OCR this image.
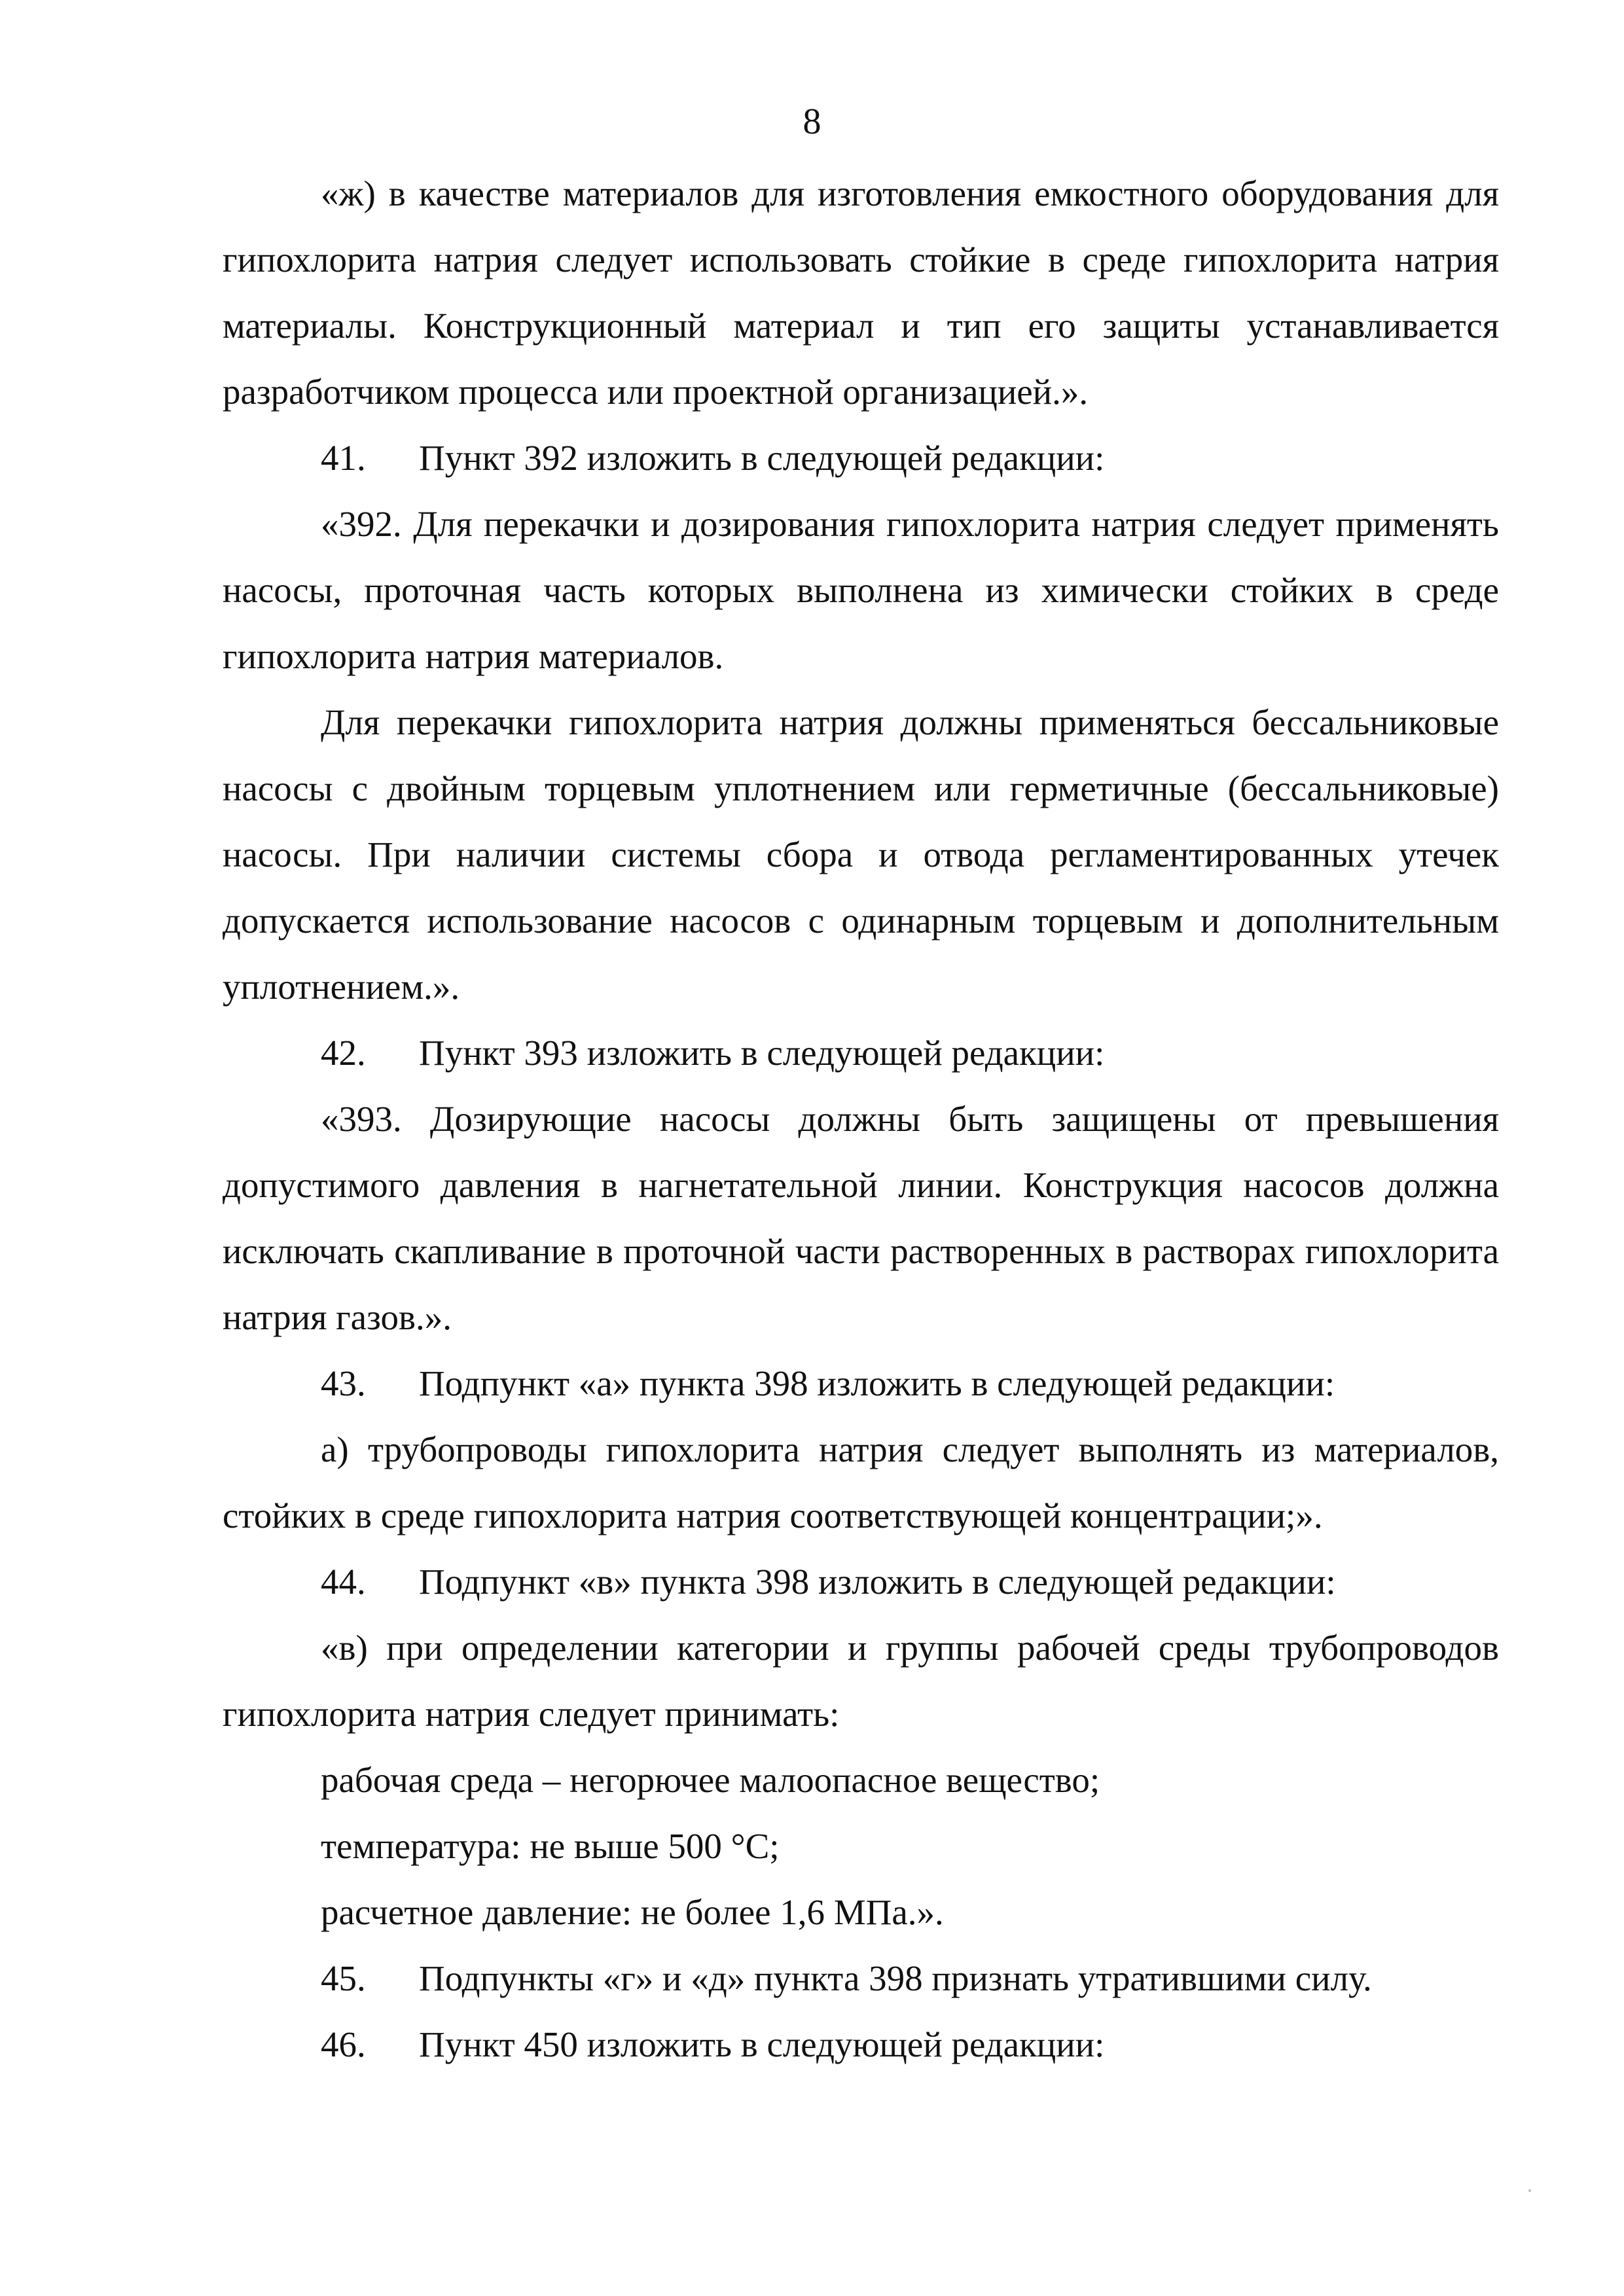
8

«ж) в качестве материалов для изготовления емкостного оборудования для гипохлорита натрия следует использовать стойкие в среде гипохлорита натрия материалы. Конструкционный материал и тип его защиты устанавливается разработчиком процесса или проектной организацией.».

41. Пункт 392 изложить в следующей редакции:

«392. Для перекачки и дозирования гипохлорита натрия следует применять насосы, проточная часть которых выполнена из химически стойких в среде гипохлорита натрия материалов.

Для перекачки гипохлорита натрия должны применяться бессальниковые насосы с двойным торцевым уплотнением или герметичные (бессальниковые) насосы. При наличии системы сбора и отвода регламентированных утечек допускается использование насосов с одинарным торцевым и дополнительным уплотнением.».

42. Пункт 393 изложить в следующей редакции:

«393. Дозирующие насосы должны быть защищены от превышения допустимого давления в нагнетательной линии. Конструкция насосов должна исключать скапливание в проточной части растворенных в растворах гипохлорита натрия газов.».

43. Подпункт «а» пункта 398 изложить в следующей редакции:

а) трубопроводы гипохлорита натрия следует выполнять из материалов, стойких в среде гипохлорита натрия соответствующей концентрации;».

44. Подпункт «в» пункта 398 изложить в следующей редакции:

«в) при определении категории и группы рабочей среды трубопроводов гипохлорита натрия следует принимать:

рабочая среда – негорючее малоопасное вещество;

температура: не выше 500 °С;

расчетное давление: не более 1,6 МПа.».

45. Подпункты «г» и «д» пункта 398 признать утратившими силу.

46. Пункт 450 изложить в следующей редакции:
